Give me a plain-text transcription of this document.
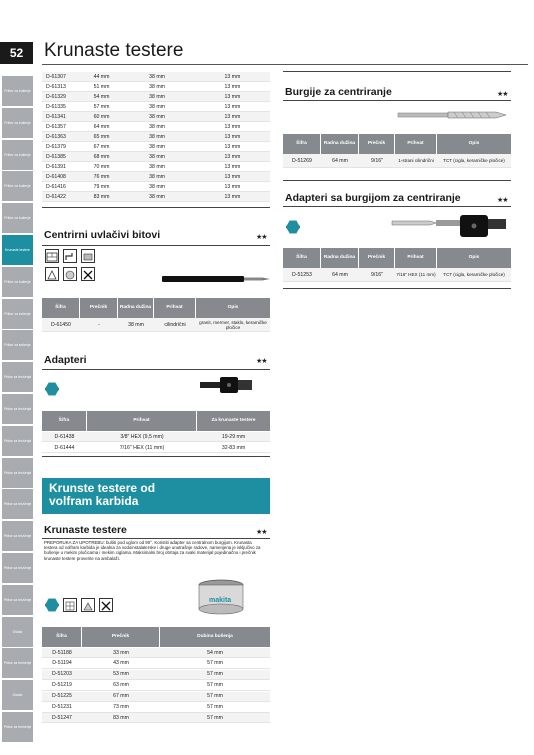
52
Pribor za bušenje
Pribor za bušenje
Pribor za bušenje
Pribor za bušenje
Pribor za bušenje
Krunaste testere
Pribor za bušenje
Pribor za sečenje
Pribor za sečenje
Pribor za brušenje
Pribor za brušenje
Pribor za brušenje
Pribor za brušenje
Pribor za brušenje
Pribor za brušenje
Pribor za brušenje
Pribor za brušenje
Ostalo
Pribor za brušenje
Ostalo
Pribor za brušenje
Krunaste testere
D-61307	44 mm	38 mm	13 mm
D-61313	51 mm	38 mm	13 mm
D-61329	54 mm	38 mm	13 mm
D-61335	57 mm	38 mm	13 mm
D-61341	60 mm	38 mm	13 mm
D-61357	64 mm	38 mm	13 mm
D-61363	65 mm	38 mm	13 mm
D-61379	67 mm	38 mm	13 mm
D-61385	68 mm	38 mm	13 mm
D-61391	70 mm	38 mm	13 mm
D-61408	76 mm	38 mm	13 mm
D-61416	79 mm	38 mm	13 mm
D-61422	83 mm	38 mm	13 mm
Centrirni uvlačivi bitovi	★★
Šifra	Prečnik	Radna dužina	Prihvat	Opis
D-61450	-	38 mm	cilindrični	granit, mermer, staklo, keramičke pločice
Adapteri	★★
Šifra	Prihvat	Za krunaste testere
D-61438	3/8" HEX (9,5 mm)	19-29 mm
D-61444	7/16" HEX (11 mm)	32-83 mm
Krunste testere od
volfram karbida
Krunaste testere	★★
PREPORUKA ZA UPOTREBU: bušiti pod uglom od 90°. Koristiti adapter sa centralnom burgijom. Krunasta testera od volfram karbida je idealna za vodoinstalaterske i druge unutrašnje radove, namenjena je isključivo za bušenje u mekim pločicama i mekim ciglama. Maksimalni broj obrtaja za svaki materijal pojedinačno i prečnik krunaste testere proverite na ambalaži.
makita
Šifra	Prečnik	Dubina bušenja
D-51188	33 mm	54 mm
D-51194	43 mm	57 mm
D-51203	53 mm	57 mm
D-51219	63 mm	57 mm
D-51225	67 mm	57 mm
D-51231	73 mm	57 mm
D-51247	83 mm	57 mm
Burgije za centriranje	★★
Šifra	Radna dužina	Prečnik	Prihvat	Opis
D-51269	64 mm	9/16"	1-strani cilindrični	TCT (cigla, keramičke pločice)
Adapteri sa burgijom za centriranje	★★
Šifra	Radna dužina	Prečnik	Prihvat	Opis
D-51253	64 mm	9/16"	7/16" HEX (11 mm)	TCT (cigla, keramičke pločice)
